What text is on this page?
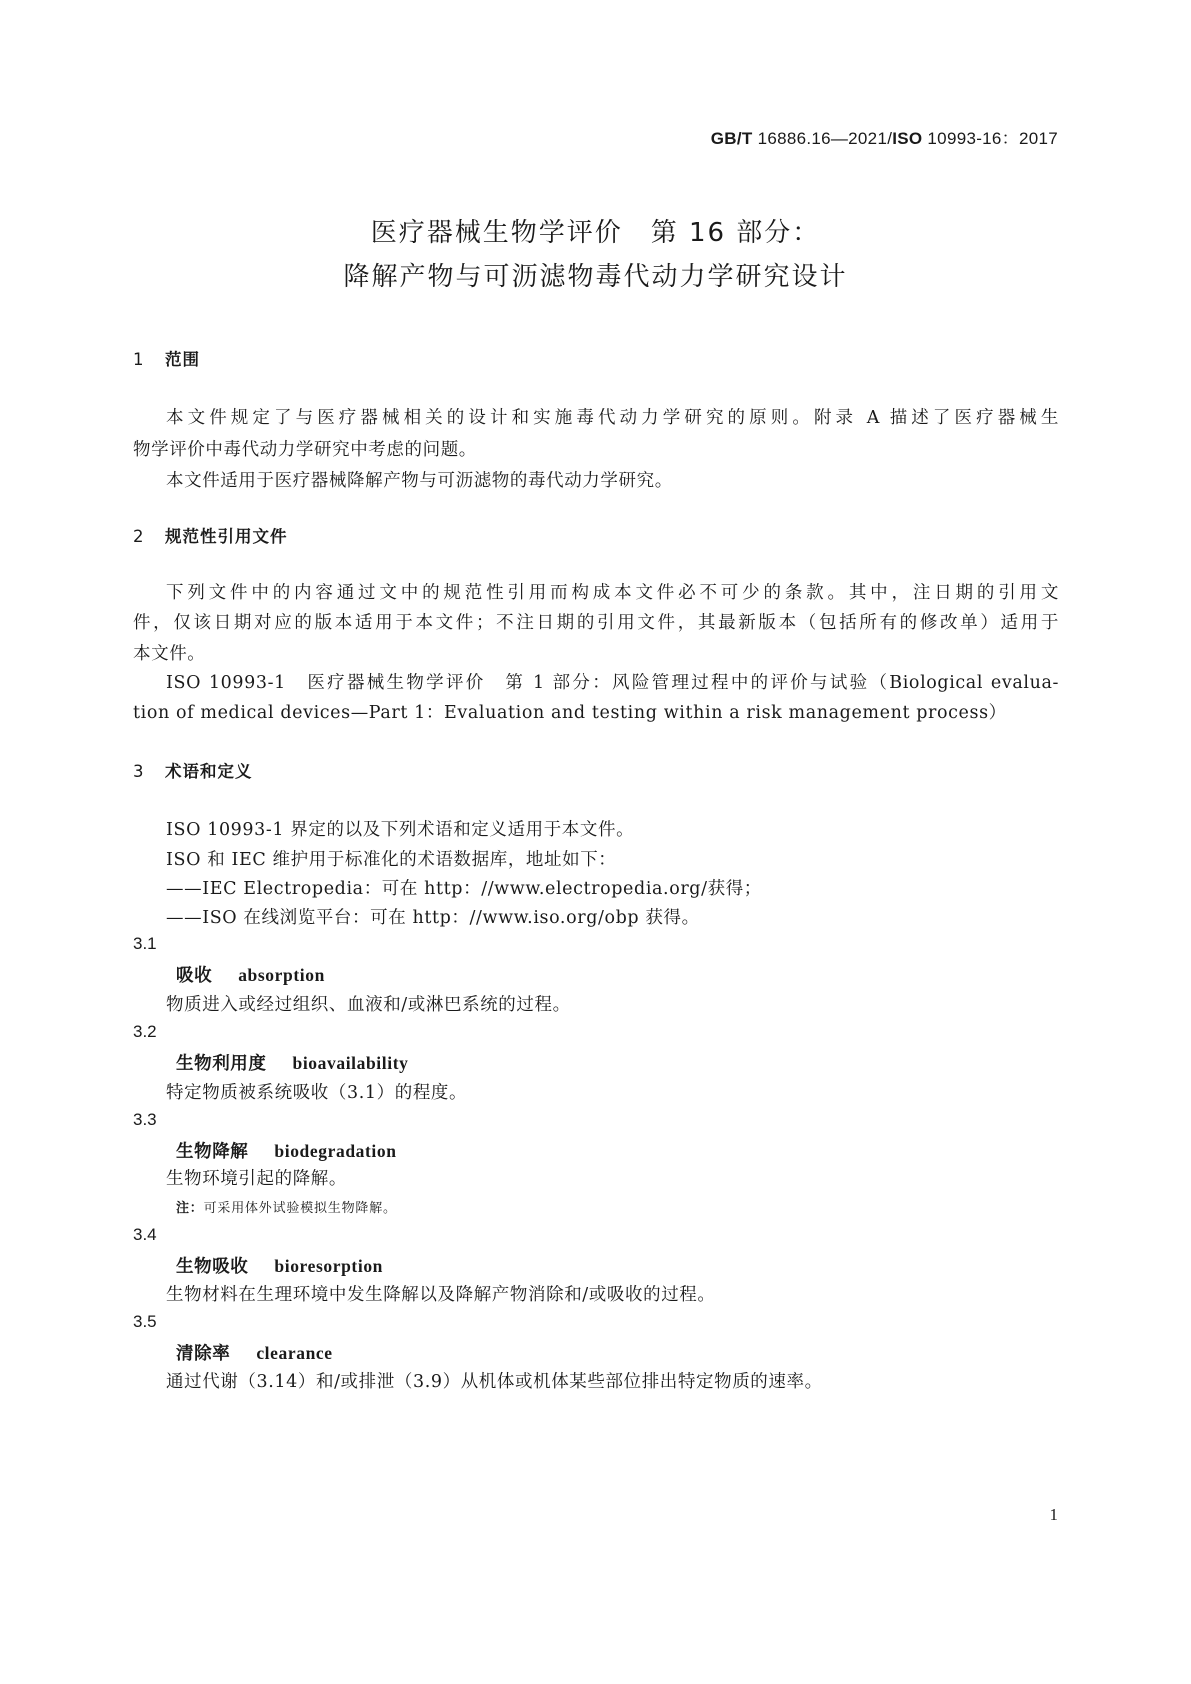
GB/T 16886.16—2021/ISO 10993-16：2017
医疗器械生物学评价　第 16 部分：
降解产物与可沥滤物毒代动力学研究设计
1 范围
本文件规定了与医疗器械相关的设计和实施毒代动力学研究的原则。附录 A 描述了医疗器械生
物学评价中毒代动力学研究中考虑的问题。
本文件适用于医疗器械降解产物与可沥滤物的毒代动力学研究。
2 规范性引用文件
下列文件中的内容通过文中的规范性引用而构成本文件必不可少的条款。其中，注日期的引用文
件，仅该日期对应的版本适用于本文件；不注日期的引用文件，其最新版本（包括所有的修改单）适用于
本文件。
ISO 10993-1　医疗器械生物学评价　第 1 部分：风险管理过程中的评价与试验（Biological evalua-
tion of medical devices—Part 1：Evaluation and testing within a risk management process）
3 术语和定义
ISO 10993-1 界定的以及下列术语和定义适用于本文件。
ISO 和 IEC 维护用于标准化的术语数据库，地址如下：
——IEC Electropedia：可在 http：//www.electropedia.org/获得；
——ISO 在线浏览平台：可在 http：//www.iso.org/obp 获得。
3.1
吸收 absorption
物质进入或经过组织、血液和/或淋巴系统的过程。
3.2
生物利用度 bioavailability
特定物质被系统吸收（3.1）的程度。
3.3
生物降解 biodegradation
生物环境引起的降解。
注：可采用体外试验模拟生物降解。
3.4
生物吸收 bioresorption
生物材料在生理环境中发生降解以及降解产物消除和/或吸收的过程。
3.5
清除率 clearance
通过代谢（3.14）和/或排泄（3.9）从机体或机体某些部位排出特定物质的速率。
1
